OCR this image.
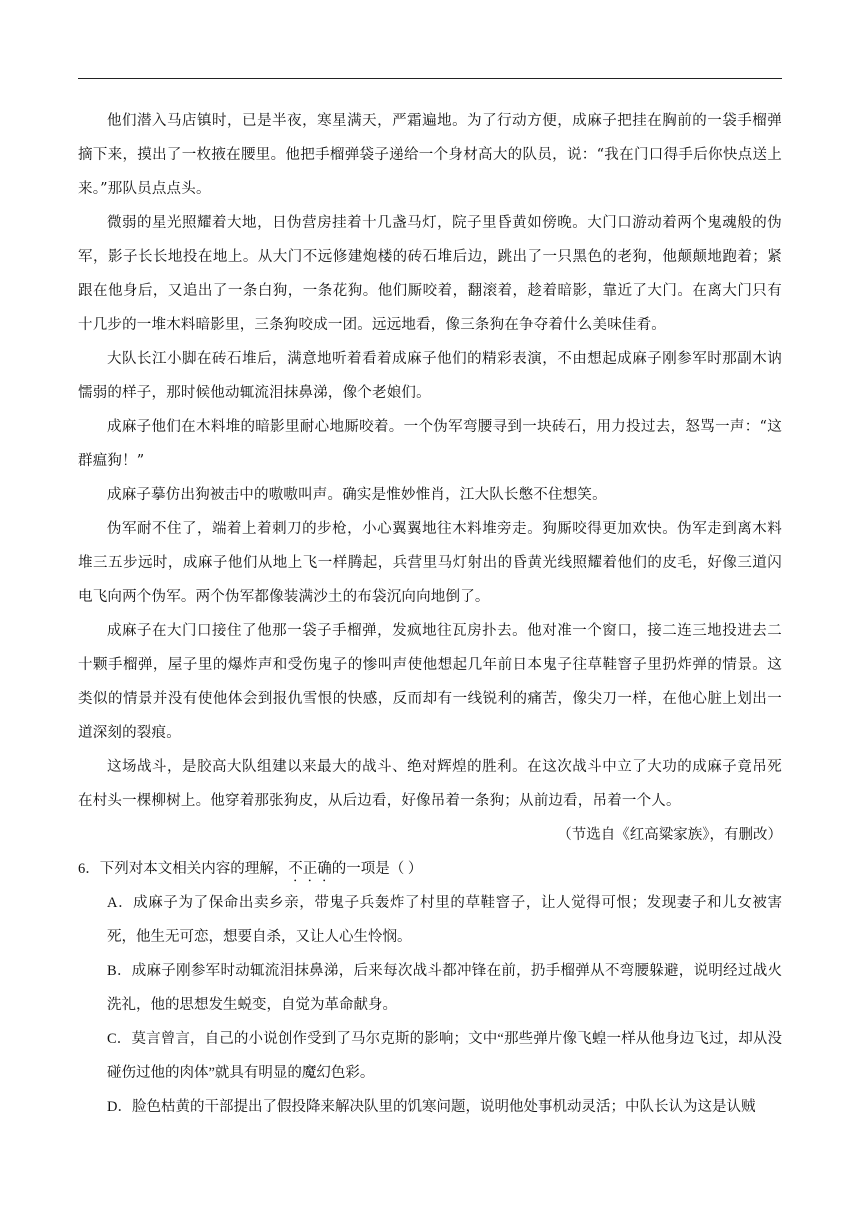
他们潜入马店镇时，已是半夜，寒星满天，严霜遍地。为了行动方便，成麻子把挂在胸前的一袋手榴弹摘下来，摸出了一枚掖在腰里。他把手榴弹袋子递给一个身材高大的队员，说：“我在门口得手后你快点送上来。”那队员点点头。

微弱的星光照耀着大地，日伪营房挂着十几盏马灯，院子里昏黄如傍晚。大门口游动着两个鬼魂般的伪军，影子长长地投在地上。从大门不远修建炮楼的砖石堆后边，跳出了一只黑色的老狗，他颠颠地跑着；紧跟在他身后，又追出了一条白狗，一条花狗。他们厮咬着，翻滚着，趁着暗影，靠近了大门。在离大门只有十几步的一堆木料暗影里，三条狗咬成一团。远远地看，像三条狗在争夺着什么美味佳肴。

大队长江小脚在砖石堆后，满意地听着看着成麻子他们的精彩表演，不由想起成麻子刚参军时那副木讷懦弱的样子，那时候他动辄流泪抹鼻涕，像个老娘们。

成麻子他们在木料堆的暗影里耐心地厮咬着。一个伪军弯腰寻到一块砖石，用力投过去，怒骂一声：“这群瘟狗！”

成麻子摹仿出狗被击中的嗷嗷叫声。确实是惟妙惟肖，江大队长憋不住想笑。

伪军耐不住了，端着上着刺刀的步枪，小心翼翼地往木料堆旁走。狗厮咬得更加欢快。伪军走到离木料堆三五步远时，成麻子他们从地上飞一样腾起，兵营里马灯射出的昏黄光线照耀着他们的皮毛，好像三道闪电飞向两个伪军。两个伪军都像装满沙土的布袋沉向向地倒了。

成麻子在大门口接住了他那一袋子手榴弹，发疯地往瓦房扑去。他对准一个窗口，接二连三地投进去二十颗手榴弹，屋子里的爆炸声和受伤鬼子的惨叫声使他想起几年前日本鬼子往草鞋窨子里扔炸弹的情景。这类似的情景并没有使他体会到报仇雪恨的快感，反而却有一线锐利的痛苦，像尖刀一样，在他心脏上划出一道深刻的裂痕。

这场战斗，是胶高大队组建以来最大的战斗、绝对辉煌的胜利。在这次战斗中立了大功的成麻子竟吊死在村头一棵柳树上。他穿着那张狗皮，从后边看，好像吊着一条狗；从前边看，吊着一个人。

（节选自《红高粱家族》，有删改）

6．下列对本文相关内容的理解，不正确的一项是（ ）

A．成麻子为了保命出卖乡亲，带鬼子兵轰炸了村里的草鞋窨子，让人觉得可恨；发现妻子和儿女被害死，他生无可恋，想要自杀，又让人心生怜悯。

B．成麻子刚参军时动辄流泪抹鼻涕，后来每次战斗都冲锋在前，扔手榴弹从不弯腰躲避，说明经过战火洗礼，他的思想发生蜕变，自觉为革命献身。

C．莫言曾言，自己的小说创作受到了马尔克斯的影响；文中“那些弹片像飞蝗一样从他身边飞过，却从没碰伤过他的肉体”就具有明显的魔幻色彩。

D．脸色枯黄的干部提出了假投降来解决队里的饥寒问题，说明他处事机动灵活；中队长认为这是认贼
